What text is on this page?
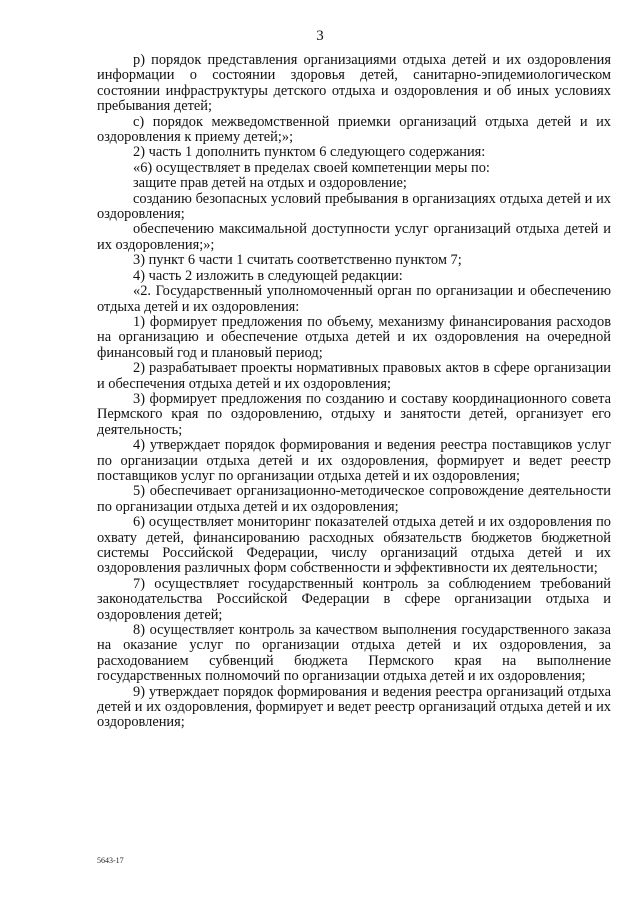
3

р) порядок представления организациями отдыха детей и их оздоровления информации о состоянии здоровья детей, санитарно-эпидемиологическом состоянии инфраструктуры детского отдыха и оздоровления и об иных условиях пребывания детей;

с) порядок межведомственной приемки организаций отдыха детей и их оздоровления к приему детей;»;

2) часть 1 дополнить пунктом 6 следующего содержания:

«6) осуществляет в пределах своей компетенции меры по:

защите прав детей на отдых и оздоровление;

созданию безопасных условий пребывания в организациях отдыха детей и их оздоровления;

обеспечению максимальной доступности услуг организаций отдыха детей и их оздоровления;»;

3) пункт 6 части 1 считать соответственно пунктом 7;

4) часть 2 изложить в следующей редакции:

«2. Государственный уполномоченный орган по организации и обеспечению отдыха детей и их оздоровления:

1) формирует предложения по объему, механизму финансирования расходов на организацию и обеспечение отдыха детей и их оздоровления на очередной финансовый год и плановый период;

2) разрабатывает проекты нормативных правовых актов в сфере организации и обеспечения отдыха детей и их оздоровления;

3) формирует предложения по созданию и составу координационного совета Пермского края по оздоровлению, отдыху и занятости детей, организует его деятельность;

4) утверждает порядок формирования и ведения реестра поставщиков услуг по организации отдыха детей и их оздоровления, формирует и ведет реестр поставщиков услуг по организации отдыха детей и их оздоровления;

5) обеспечивает организационно-методическое сопровождение деятельности по организации отдыха детей и их оздоровления;

6) осуществляет мониторинг показателей отдыха детей и их оздоровления по охвату детей, финансированию расходных обязательств бюджетов бюджетной системы Российской Федерации, числу организаций отдыха детей и их оздоровления различных форм собственности и эффективности их деятельности;

7) осуществляет государственный контроль за соблюдением требований законодательства Российской Федерации в сфере организации отдыха и оздоровления детей;

8) осуществляет контроль за качеством выполнения государственного заказа на оказание услуг по организации отдыха детей и их оздоровления, за расходованием субвенций бюджета Пермского края на выполнение государственных полномочий по организации отдыха детей и их оздоровления;

9) утверждает порядок формирования и ведения реестра организаций отдыха детей и их оздоровления, формирует и ведет реестр организаций отдыха детей и их оздоровления;

5643-17
